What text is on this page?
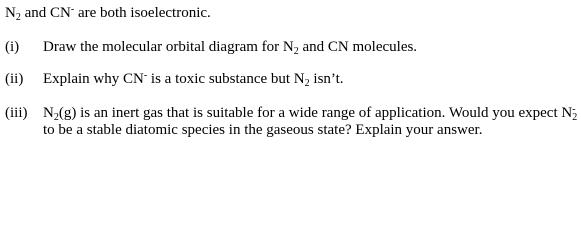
$N_2$ and CN- are both isoelectronic.
(i) Draw the molecular orbital diagram for $N_2$ and CN molecules.
(ii) Explain why CN- is a toxic substance but $N_2$ isn’t.
(iii) $N_2(g)$ is an inert gas that is suitable for a wide range of application. Would you expect $N_2^-$
to be a stable diatomic species in the gaseous state? Explain your answer.
